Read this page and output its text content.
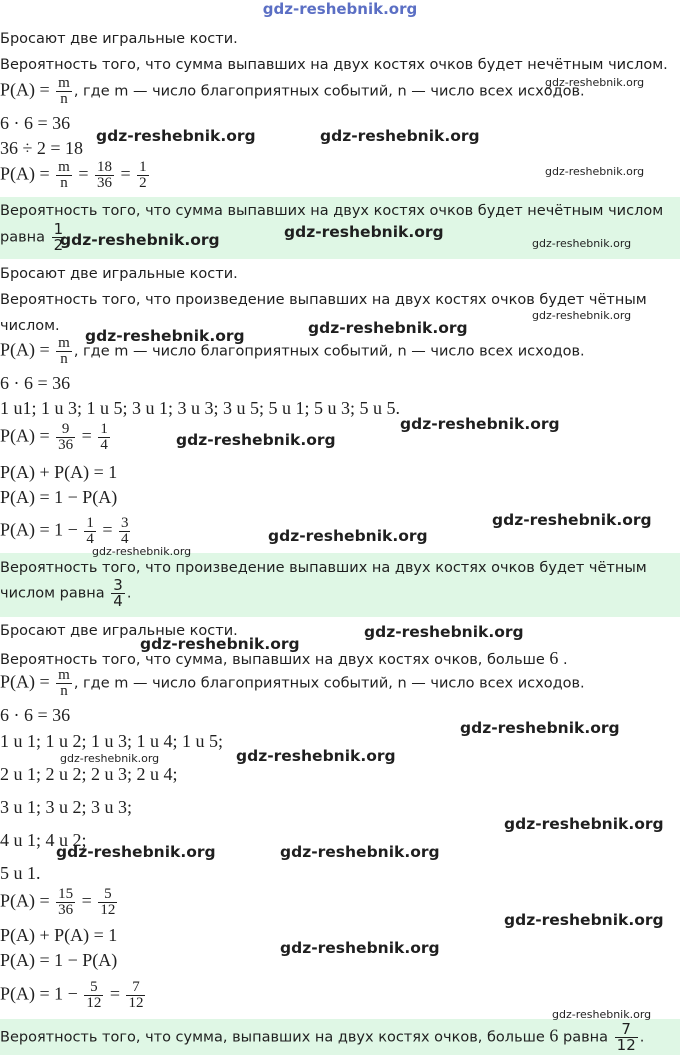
gdz-reshebnik.org
Бросают две игральные кости.
Вероятность того, что сумма выпавших на двух костях очков будет нечётным числом.
$P(A) = \frac{m}{n}$ , где m — число благоприятных событий, n — число всех исходов.
6 · 6 = 36
36 ÷ 2 = 18
$P(A) = \frac{m}{n} = \frac{18}{36} = \frac{1}{2}$
Вероятность того, что сумма выпавших на двух костях очков будет нечётным числом
равна $\frac{1}{2}$
Бросают две игральные кости.
Вероятность того, что произведение выпавших на двух костях очков будет чётным
числом.
$P(A) = \frac{m}{n}$ , где m — число благоприятных событий, n — число всех исходов.
6 · 6 = 36
1 u1; 1 u 3; 1 u 5; 3 u 1; 3 u 3; 3 u 5; 5 u 1; 5 u 3; 5 u 5.
$P(A) = \frac{9}{36} = \frac{1}{4}$
P(A) + P(A) = 1
P(A) = 1 − P(A)
$P(A) = 1 - \frac{1}{4} = \frac{3}{4}$
Вероятность того, что произведение выпавших на двух костях очков будет чётным
числом равна $\frac{3}{4}$ .
Бросают две игральные кости.
Вероятность того, что сумма, выпавших на двух костях очков, больше 6 .
$P(A) = \frac{m}{n}$ , где m — число благоприятных событий, n — число всех исходов.
6 · 6 = 36
1 u 1; 1 u 2; 1 u 3; 1 u 4; 1 u 5;
2 u 1; 2 u 2; 2 u 3; 2 u 4;
3 u 1; 3 u 2; 3 u 3;
4 u 1; 4 u 2;
5 u 1.
$P(A) = \frac{15}{36} = \frac{5}{12}$
P(A) + P(A) = 1
P(A) = 1 − P(A)
$P(A) = 1 - \frac{5}{12} = \frac{7}{12}$
Вероятность того, что сумма, выпавших на двух костях очков, больше 6 равна $\frac{7}{12}$ .
gdz-reshebnik.org
gdz-reshebnik.org	gdz-reshebnik.org
gdz-reshebnik.org
gdz-reshebnik.org	gdz-reshebnik.org
gdz-reshebnik.org
gdz-reshebnik.org
gdz-reshebnik.org	gdz-reshebnik.org
gdz-reshebnik.org
gdz-reshebnik.org
gdz-reshebnik.org
gdz-reshebnik.org
gdz-reshebnik.org
gdz-reshebnik.org
gdz-reshebnik.org
gdz-reshebnik.org
gdz-reshebnik.org
gdz-reshebnik.org
gdz-reshebnik.org
gdz-reshebnik.org	gdz-reshebnik.org
gdz-reshebnik.org
gdz-reshebnik.org
gdz-reshebnik.org
